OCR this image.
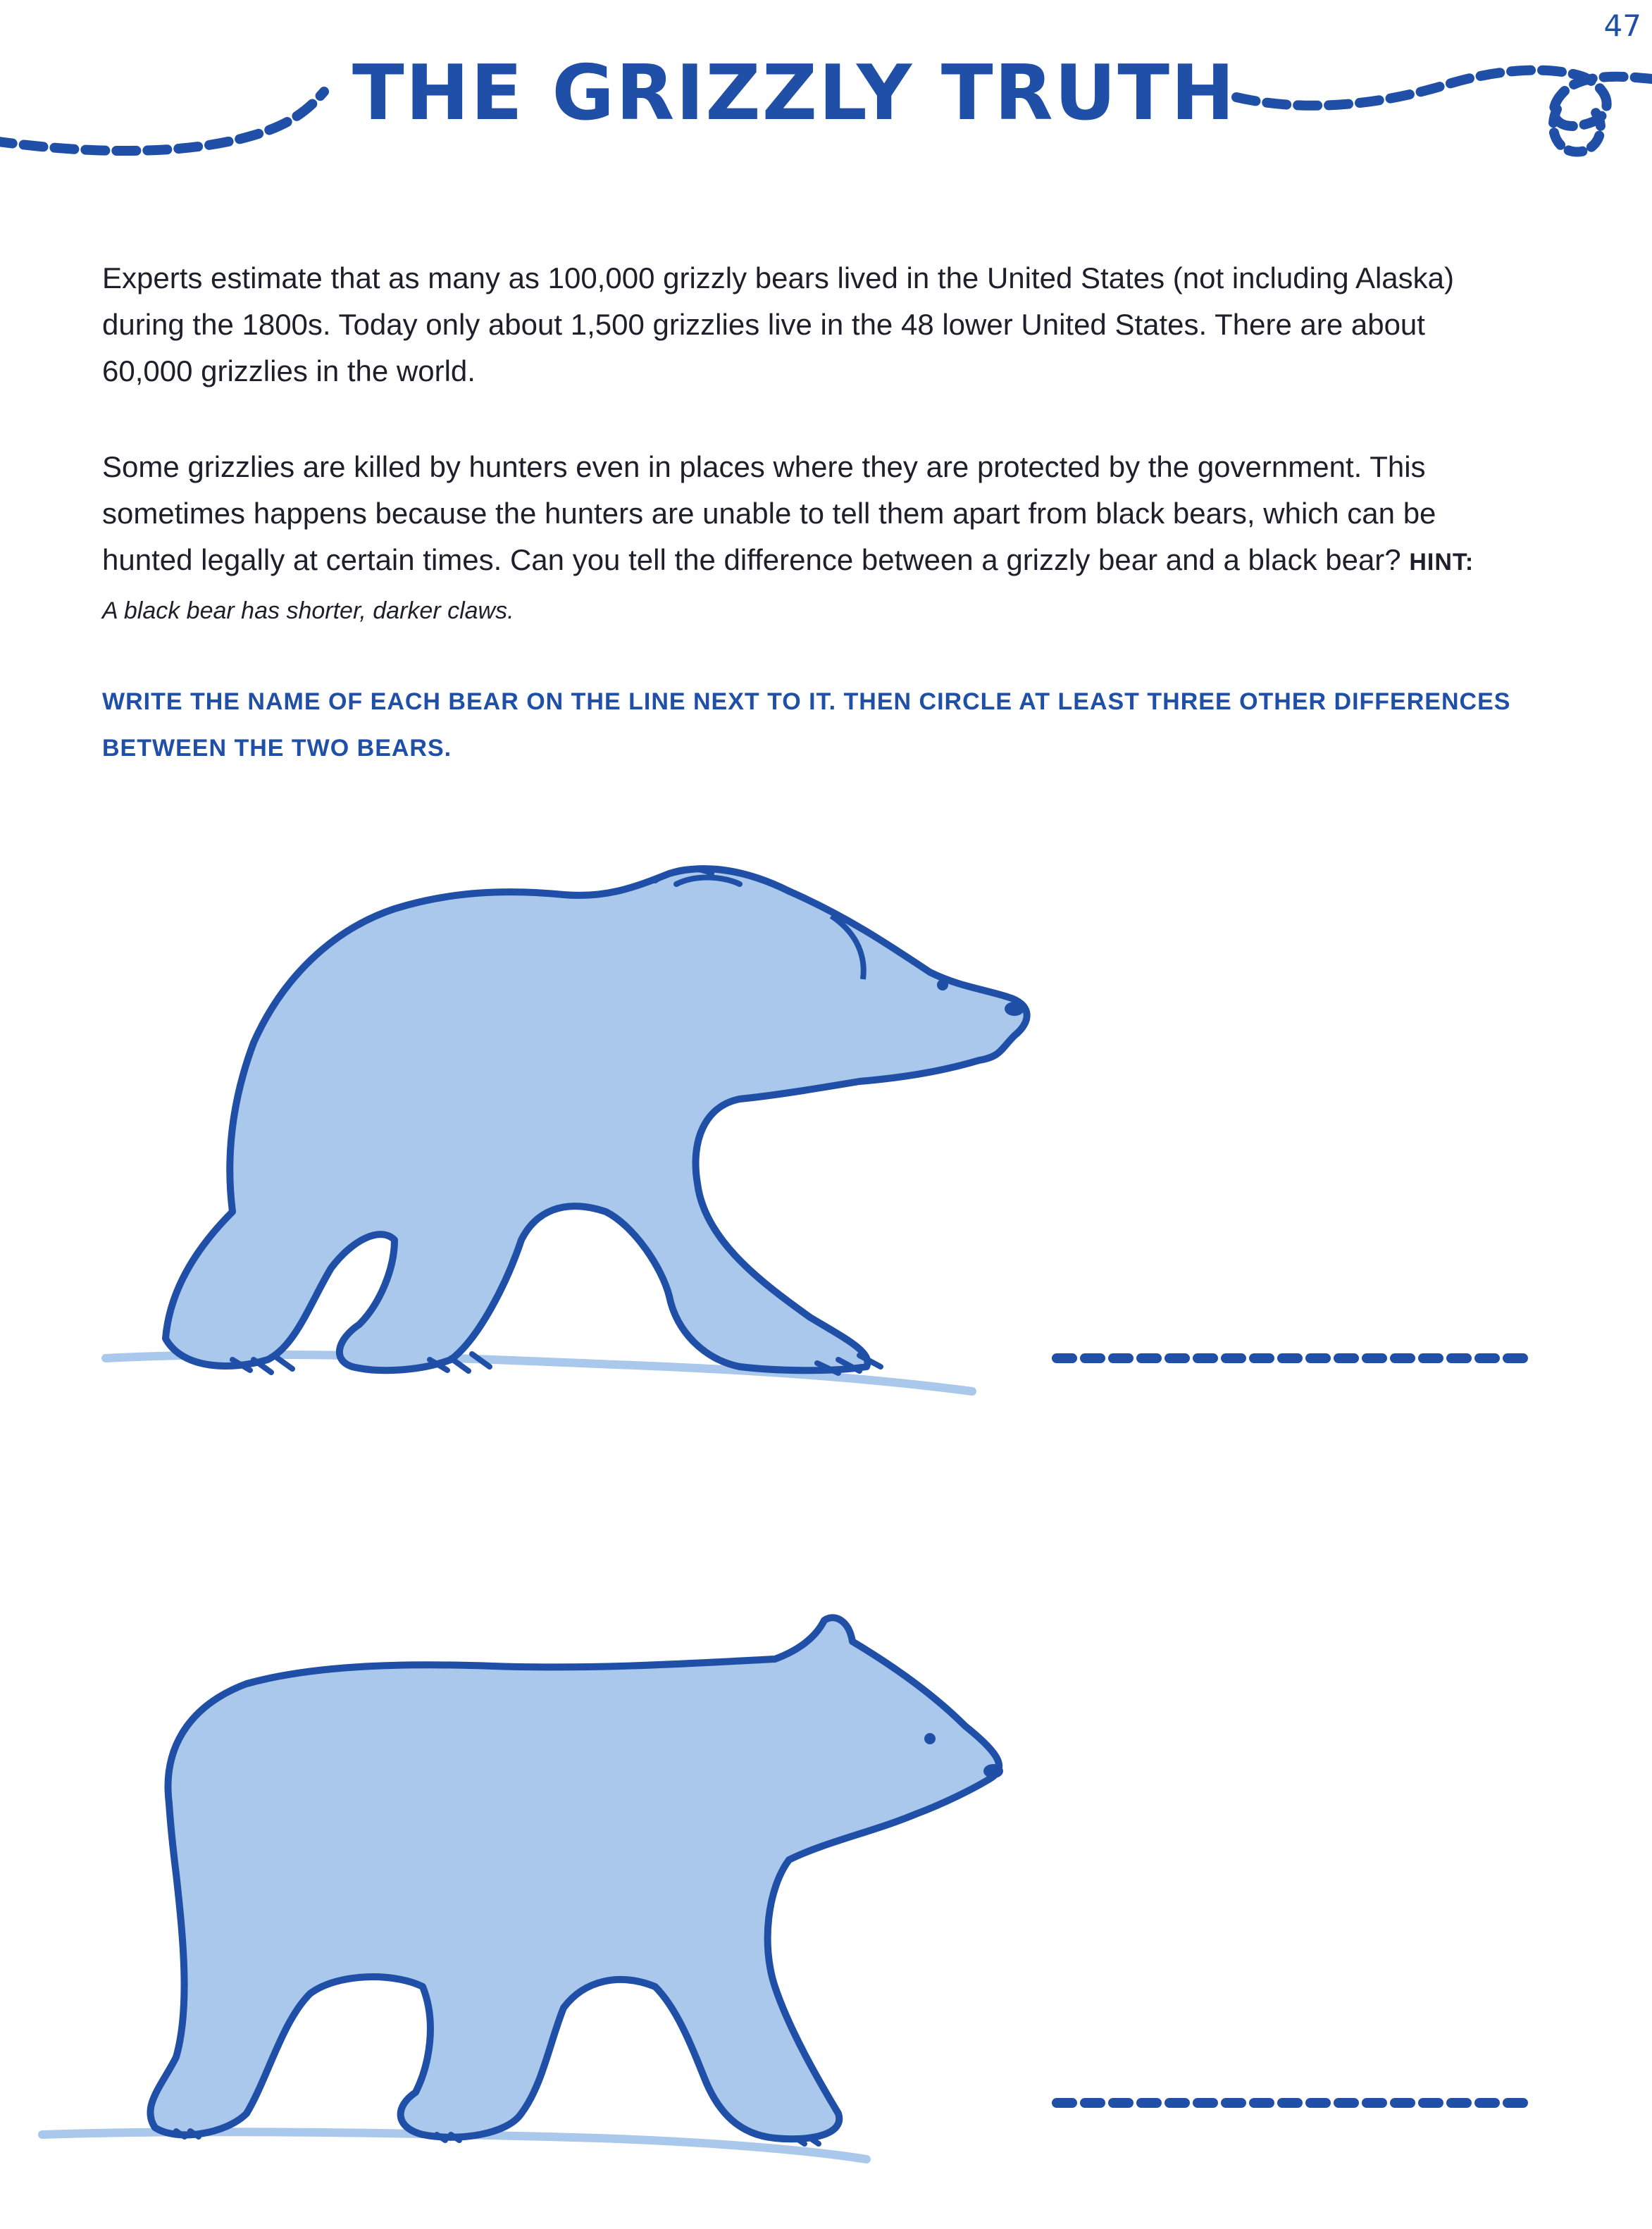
47
THE GRIZZLY TRUTH
Experts estimate that as many as 100,000 grizzly bears lived in the United States (not including Alaska) during the 1800s. Today only about 1,500 grizzlies live in the 48 lower United States. There are about 60,000 grizzlies in the world.
Some grizzlies are killed by hunters even in places where they are protected by the government. This sometimes happens because the hunters are unable to tell them apart from black bears, which can be hunted legally at certain times. Can you tell the difference between a grizzly bear and a black bear? HINT: A black bear has shorter, darker claws.
WRITE THE NAME OF EACH BEAR ON THE LINE NEXT TO IT. THEN CIRCLE AT LEAST THREE OTHER DIFFERENCES BETWEEN THE TWO BEARS.
